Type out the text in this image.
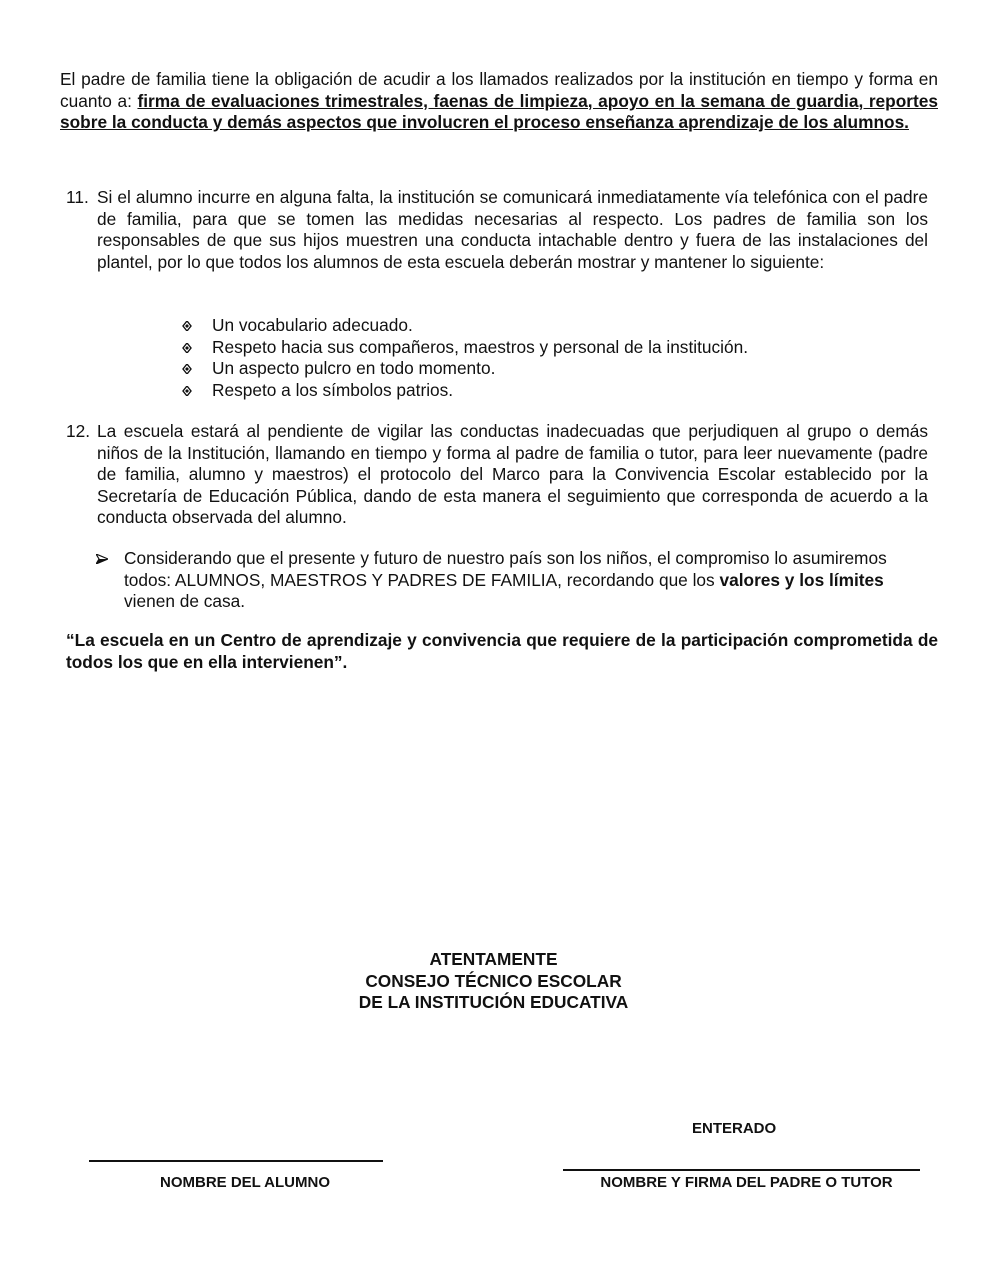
El padre de familia tiene la obligación de acudir a los llamados realizados por la institución en tiempo y forma en cuanto a: firma de evaluaciones trimestrales, faenas de limpieza, apoyo en la semana de guardia, reportes sobre la conducta y demás aspectos que involucren el proceso enseñanza aprendizaje de los alumnos.

11. Si el alumno incurre en alguna falta, la institución se comunicará inmediatamente vía telefónica con el padre de familia, para que se tomen las medidas necesarias al respecto. Los padres de familia son los responsables de que sus hijos muestren una conducta intachable dentro y fuera de las instalaciones del plantel, por lo que todos los alumnos de esta escuela deberán mostrar y mantener lo siguiente:
Un vocabulario adecuado.
Respeto hacia sus compañeros, maestros y personal de la institución.
Un aspecto pulcro en todo momento.
Respeto a los símbolos patrios.
12. La escuela estará al pendiente de vigilar las conductas inadecuadas que perjudiquen al grupo o demás niños de la Institución, llamando en tiempo y forma al padre de familia o tutor, para leer nuevamente (padre de familia, alumno y maestros) el protocolo del Marco para la Convivencia Escolar establecido por la Secretaría de Educación Pública, dando de esta manera el seguimiento que corresponda de acuerdo a la conducta observada del alumno.
Considerando que el presente y futuro de nuestro país son los niños, el compromiso lo asumiremos todos: ALUMNOS, MAESTROS Y PADRES DE FAMILIA, recordando que los valores y los límites vienen de casa.

“La escuela en un Centro de aprendizaje y convivencia que requiere de la participación comprometida de todos los que en ella intervienen”.

ATENTAMENTE
CONSEJO TÉCNICO ESCOLAR
DE LA INSTITUCIÓN EDUCATIVA
ENTERADO
NOMBRE DEL ALUMNO	NOMBRE Y FIRMA DEL PADRE O TUTOR
